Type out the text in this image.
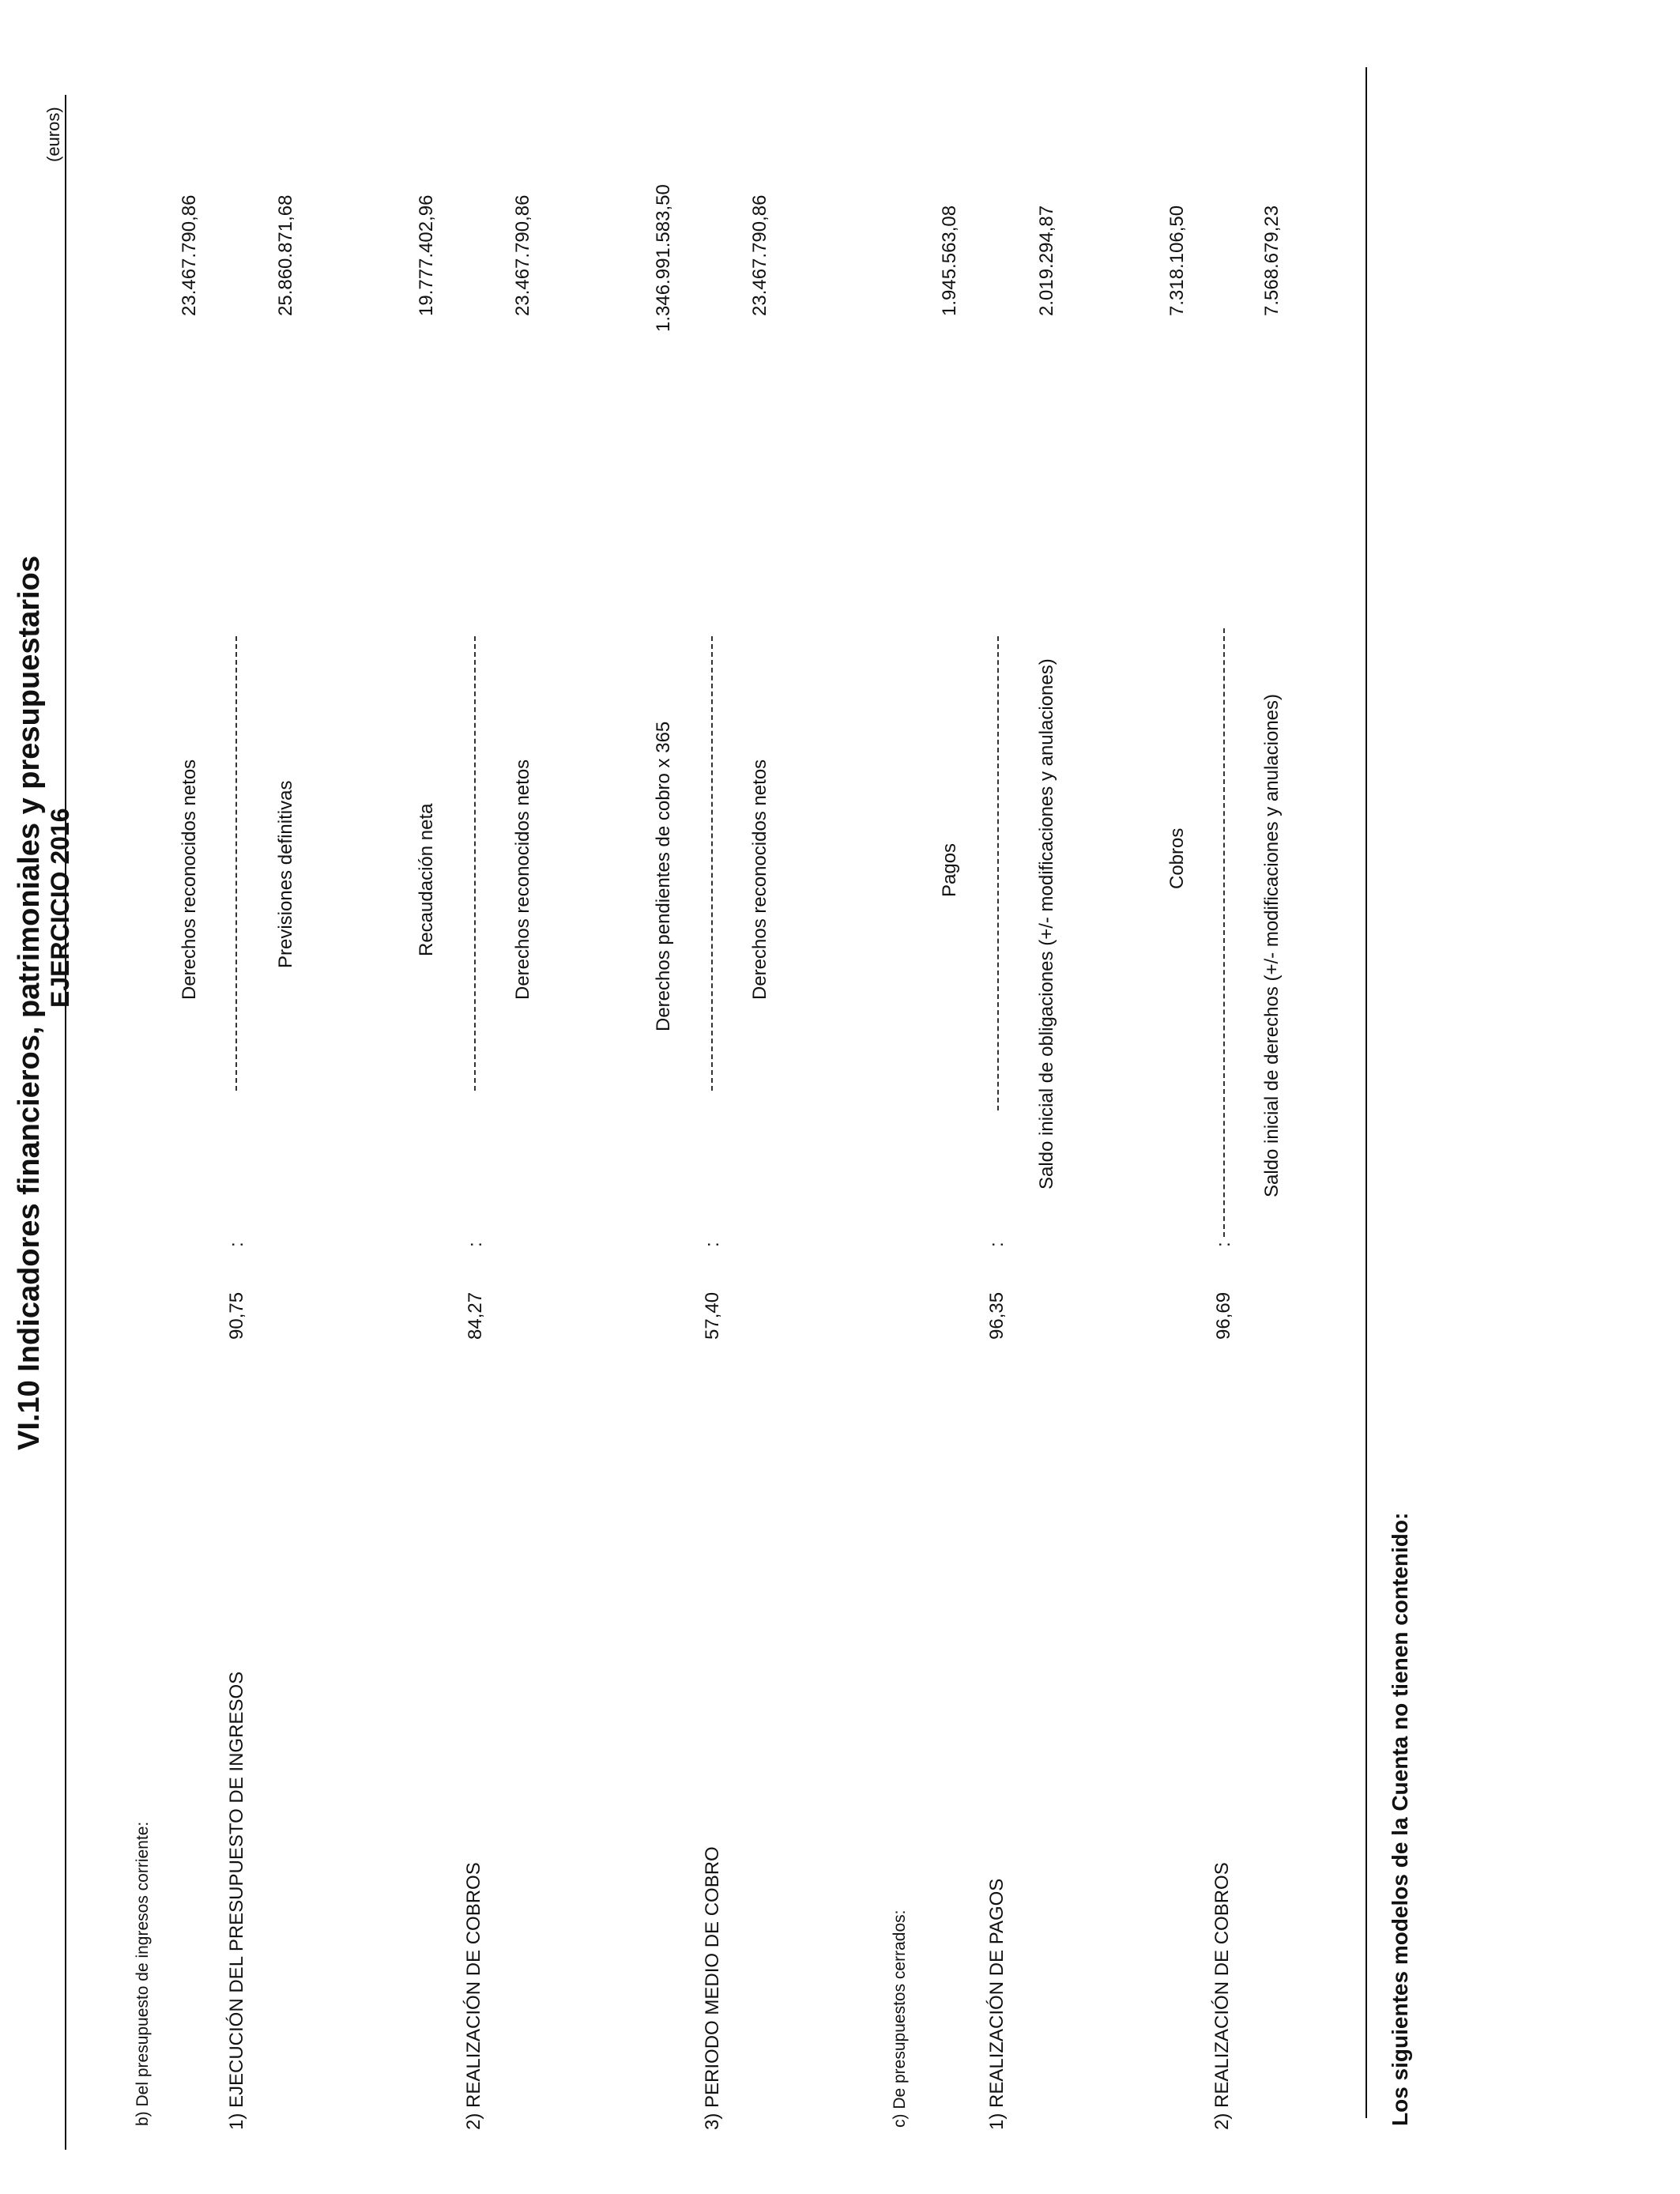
VI.10 Indicadores financieros, patrimoniales y presupuestarios EJERCICIO 2016
(euros)
b) Del presupuesto de ingresos corriente:	1) EJECUCIÓN DEL PRESUPUESTO DE INGRESOS
90,75
:
Derechos reconocidos netos	Previsiones definitivas
23.467.790,86	25.860.871,68
2) REALIZACIÓN DE COBROS
84,27
:
Recaudación neta	Derechos reconocidos netos
19.777.402,96	23.467.790,86
3) PERIODO MEDIO DE COBRO
57,40
:
Derechos pendientes de cobro x 365	Derechos reconocidos netos
1.346.991.583,50	23.467.790,86
c) De presupuestos cerrados:	1) REALIZACIÓN DE PAGOS
96,35
:
Pagos	Saldo inicial de obligaciones (+/- modificaciones y anulaciones)
1.945.563,08	2.019.294,87
2) REALIZACIÓN DE COBROS
96,69
:
Cobros	Saldo inicial de derechos (+/- modificaciones y anulaciones)
7.318.106,50	7.568.679,23
Los siguientes modelos de la Cuenta no tienen contenido:
